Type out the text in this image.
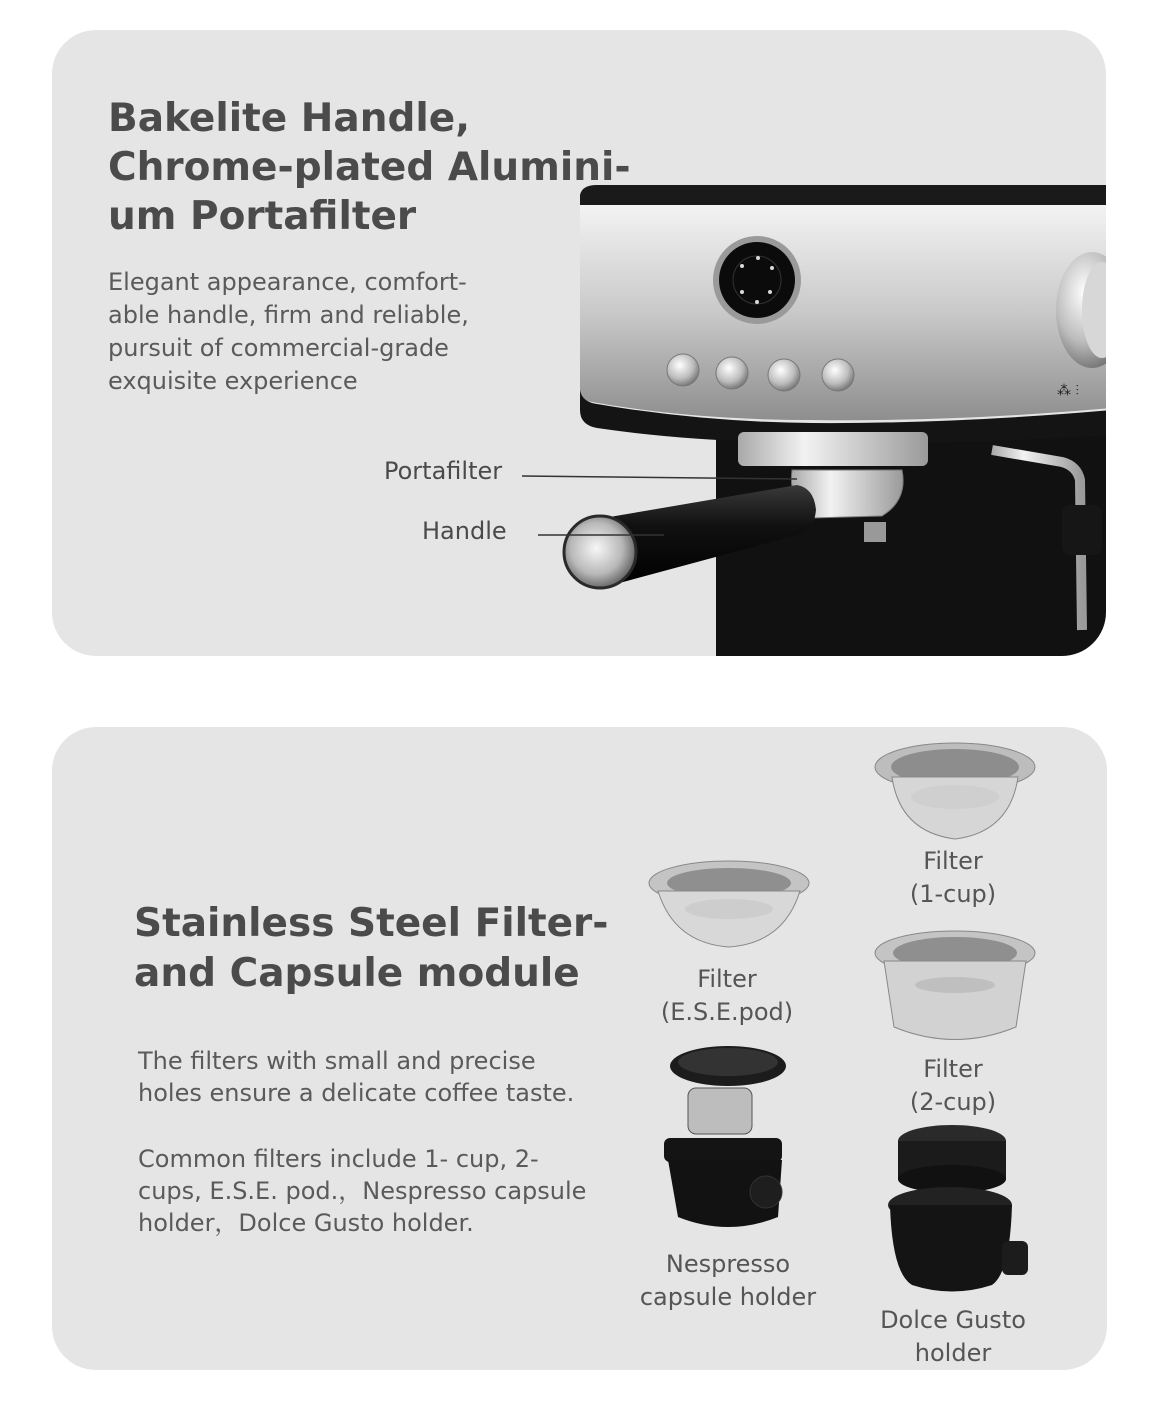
⁂ ⫶
Bakelite Handle,
Chrome-plated Alumini-
um Portafilter

Elegant appearance, comfort-
able handle, firm and reliable,
pursuit of commercial-grade
exquisite experience

Portafilter
Handle
Stainless Steel Filter-
and Capsule module

The filters with small and precise
holes ensure a delicate coffee taste.

Common filters include 1- cup, 2-
cups, E.S.E. pod.，Nespresso capsule
holder，Dolce Gusto holder.

Filter
(1-cup)
Filter
(E.S.E.pod)
Filter
(2-cup)
Nespresso
capsule holder
Dolce Gusto
holder
